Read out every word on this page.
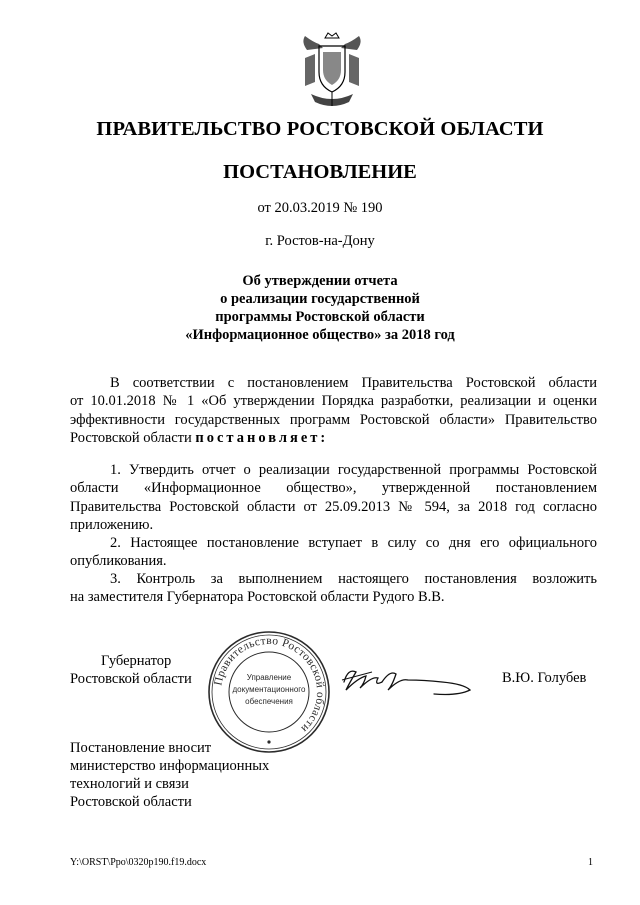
ПРАВИТЕЛЬСТВО РОСТОВСКОЙ ОБЛАСТИ
ПОСТАНОВЛЕНИЕ
от 20.03.2019 № 190
г. Ростов-на-Дону
Об утверждении отчета
о реализации государственной
программы Ростовской области
«Информационное общество» за 2018 год
В соответствии с постановлением Правительства Ростовской области
от 10.01.2018 № 1 «Об утверждении Порядка разработки, реализации и оценки
эффективности государственных программ Ростовской области» Правительство
Ростовской области постановляет:
1. Утвердить отчет о реализации государственной программы Ростовской
области «Информационное общество», утвержденной постановлением
Правительства Ростовской области от 25.09.2013 № 594, за 2018 год согласно
приложению.
2. Настоящее постановление вступает в силу со дня его официального
опубликования.
3. Контроль за выполнением настоящего постановления возложить
на заместителя Губернатора Ростовской области Рудого В.В.
Губернатор
Ростовской области Правительство Ростовской области
Управление
документационного
обеспечения
В.Ю. Голубев
Постановление вносит
министерство информационных
технологий и связи
Ростовской области
Y:\ORST\Ppo\0320p190.f19.docx	1
